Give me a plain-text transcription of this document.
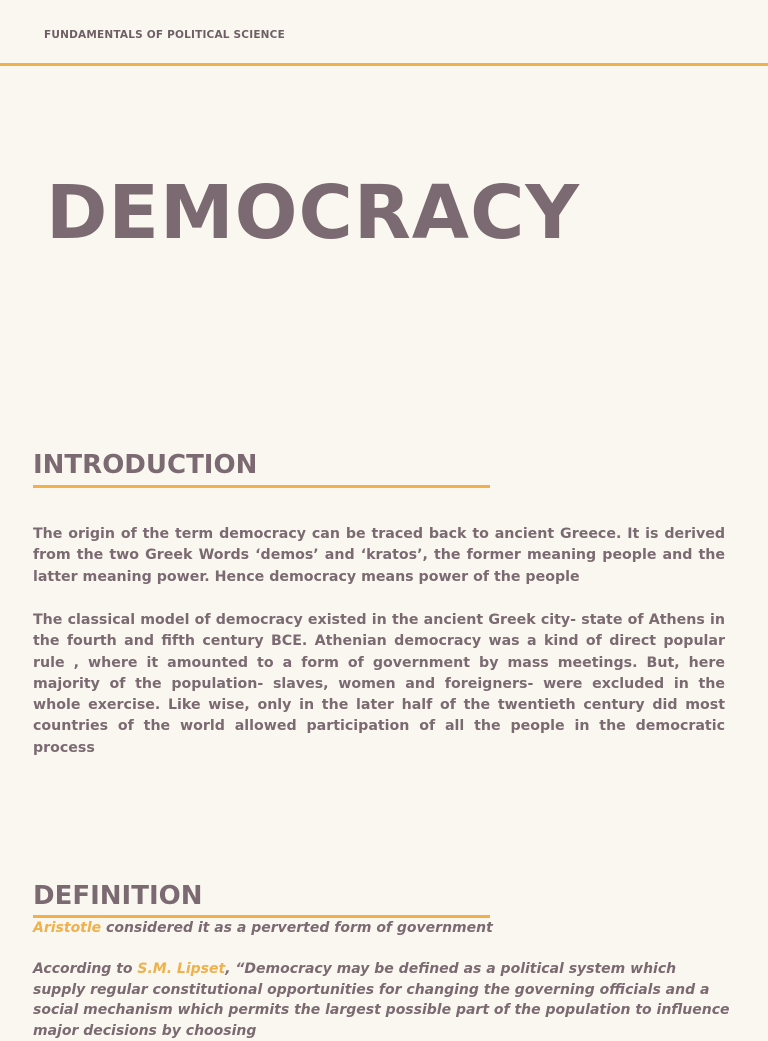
FUNDAMENTALS OF POLITICAL SCIENCE
DEMOCRACY
INTRODUCTION
The origin of the term democracy can be traced back to ancient Greece. It is derived from the two Greek Words ‘demos’ and ‘kratos’, the former meaning people and the latter meaning power. Hence democracy means power of the people
The classical model of democracy existed in the ancient Greek city- state of Athens in the fourth and fifth century BCE. Athenian democracy was a kind of direct popular rule , where it amounted to a form of government by mass meetings. But, here majority of the population- slaves, women and foreigners- were excluded in the whole exercise. Like wise, only in the later half of the twentieth century did most countries of the world allowed participation of all the people in the democratic process
DEFINITION
Aristotle considered it as a perverted form of government
According to S.M. Lipset, “Democracy may be defined as a political system which supply regular constitutional opportunities for changing the governing officials and a social mechanism which permits the largest possible part of the population to influence major decisions by choosing
